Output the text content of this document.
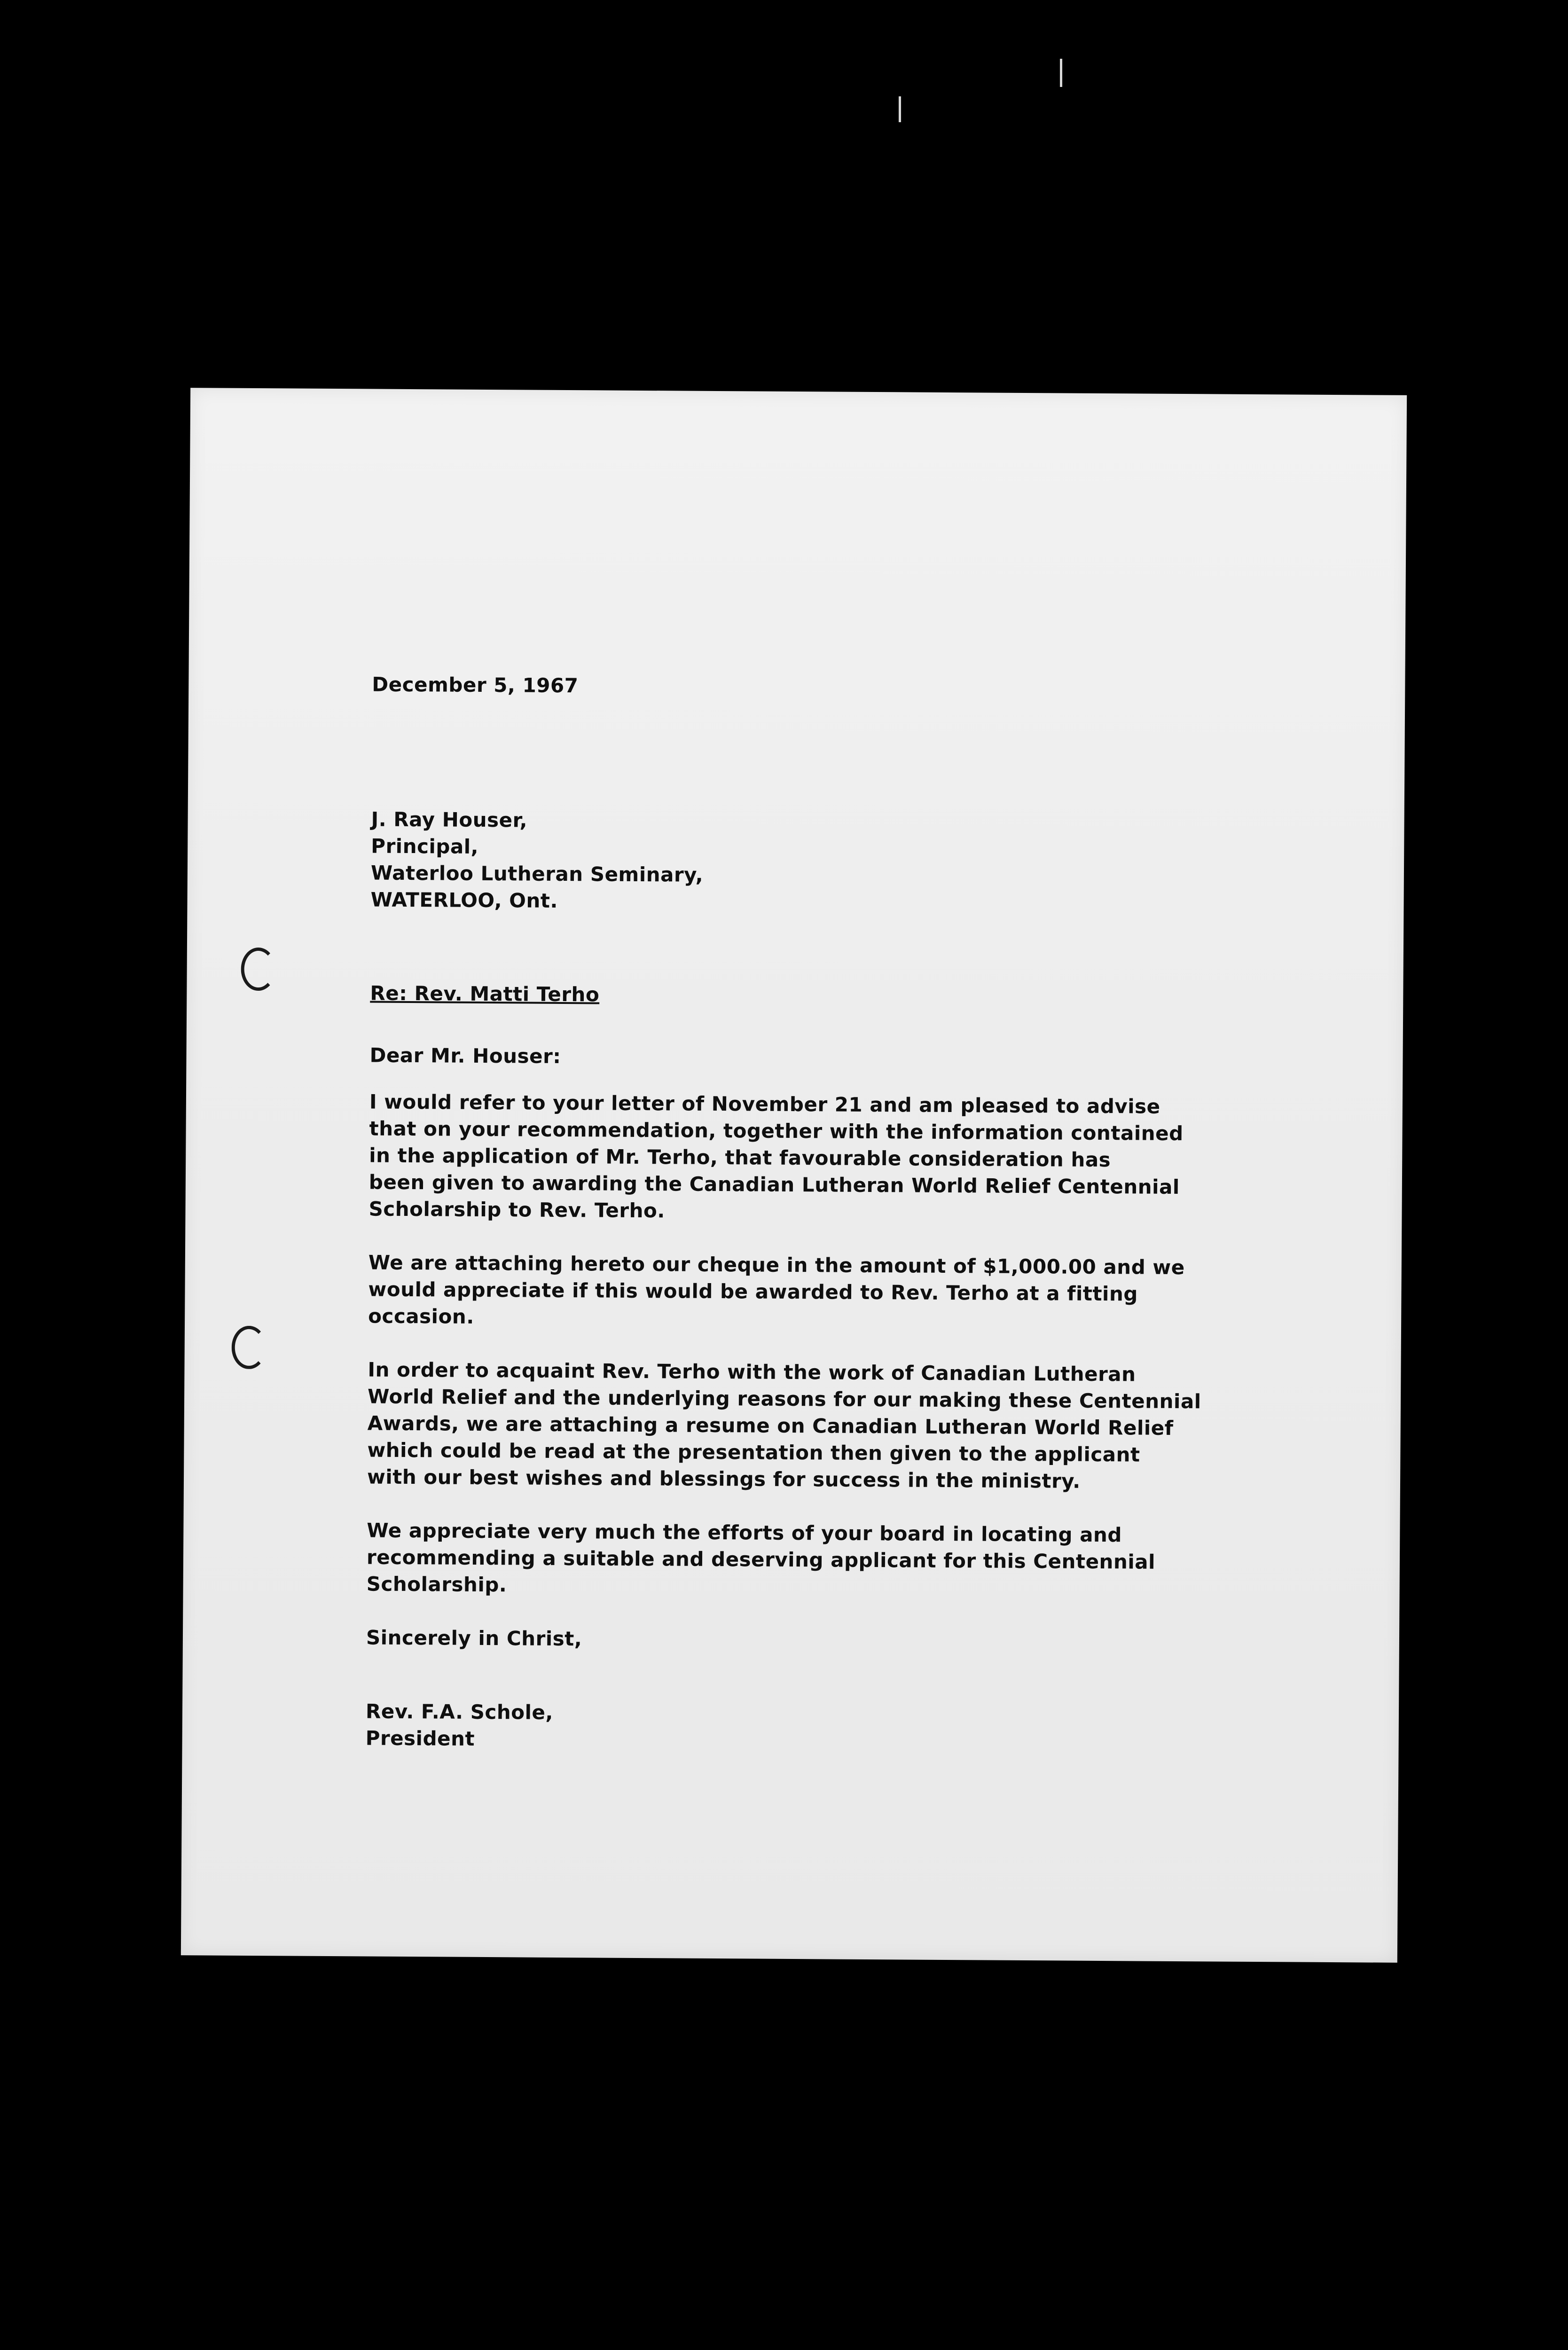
December 5, 1967

J. Ray Houser,

Principal,

Waterloo Lutheran Seminary,

WATERLOO, Ont.

Re: Rev. Matti Terho

Dear Mr. Houser:

I would refer to your letter of November 21 and am pleased to advise
that on your recommendation, together with the information contained
in the application of Mr. Terho, that favourable consideration has
been given to awarding the Canadian Lutheran World Relief Centennial
Scholarship to Rev. Terho.

We are attaching hereto our cheque in the amount of $1,000.00 and we
would appreciate if this would be awarded to Rev. Terho at a fitting
occasion.

In order to acquaint Rev. Terho with the work of Canadian Lutheran
World Relief and the underlying reasons for our making these Centennial
Awards, we are attaching a resume on Canadian Lutheran World Relief
which could be read at the presentation then given to the applicant
with our best wishes and blessings for success in the ministry.

We appreciate very much the efforts of your board in locating and
recommending a suitable and deserving applicant for this Centennial
Scholarship.

Sincerely in Christ,

Rev. F.A. Schole,

President
